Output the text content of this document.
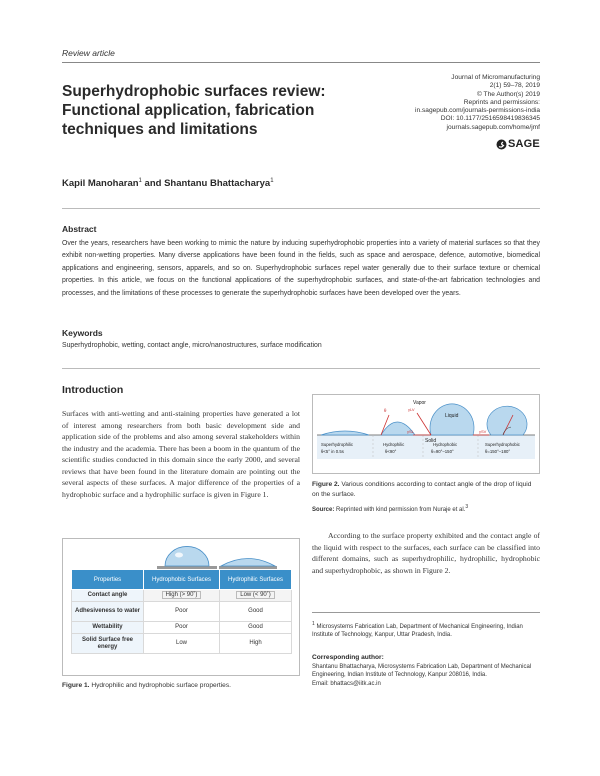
Review article
Superhydrophobic surfaces review: Functional application, fabrication techniques and limitations
Journal of Micromanufacturing
2(1) 59–78, 2019
© The Author(s) 2019
Reprints and permissions:
in.sagepub.com/journals-permissions-india
DOI: 10.1177/2516598419836345
journals.sagepub.com/home/jmf
SAGE
Kapil Manoharan$^1$ and Shantanu Bhattacharya$^1$
Abstract
Over the years, researchers have been working to mimic the nature by inducing superhydrophobic properties into a variety of material surfaces so that they exhibit non-wetting properties. Many diverse applications have been found in the fields, such as space and aerospace, defence, automotive, biomedical applications and engineering, sensors, apparels, and so on. Superhydrophobic surfaces repel water generally due to their surface texture or chemical properties. In this article, we focus on the functional applications of the superhydrophobic surfaces, and state-of-the-art fabrication technologies and processes, and the limitations of these processes to generate the superhydrophobic surfaces have been developed over the years.
Keywords
Superhydrophobic, wetting, contact angle, micro/nanostructures, surface modification
Introduction
Surfaces with anti-wetting and anti-staining properties have generated a lot of interest among researchers from both basic development side and application side of the problems and also among several stakeholders within the industry and the academia. There has been a boom in the quantum of the scientific studies conducted in this domain since the early 2000, and several reviews that have been found in the literature domain are pointing out the several aspects of these surfaces. A major difference of the properties of a hydrophobic surface and a hydrophilic surface is given in Figure 1.
Properties	Hydrophobic Surfaces	Hydrophilic Surfaces
Contact angle	High (> 90˚)	Low (< 90˚)
Adhesiveness to water	Poor	Good
Wettability	Poor	Good
Solid Surface free energy	Low	High
Figure 1. Hydrophilic and hydrophobic surface properties.
Vapor
Liquid
Solid
θ	γLV
γSL	γSV
Superhydrophilic
θ<5° in 0.5s
Hydrophilic
θ<90°
Hydrophobic
θ=90°–150°
Superhydrophobic
θ=150°–180°
Figure 2. Various conditions according to contact angle of the drop of liquid on the surface.
Source: Reprinted with kind permission from Nuraje et al.$^3$
According to the surface property exhibited and the contact angle of the liquid with respect to the surfaces, each surface can be classified into different domains, such as superhydrophilic, hydrophilic, hydrophobic and superhydrophobic, as shown in Figure 2.
$^1$ Microsystems Fabrication Lab, Department of Mechanical Engineering, Indian Institute of Technology, Kanpur, Uttar Pradesh, India.
Corresponding author:
Shantanu Bhattacharya, Microsystems Fabrication Lab, Department of Mechanical Engineering, Indian Institute of Technology, Kanpur 208016, India.
Email: bhattacs@iitk.ac.in
